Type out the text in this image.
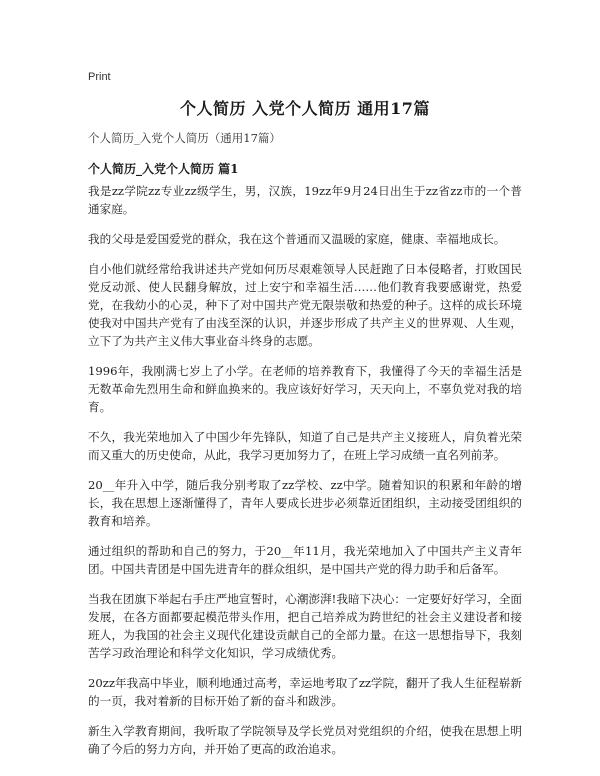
Print
个人简历 入党个人简历 通用17篇

个人简历_入党个人简历（通用17篇）

个人简历_入党个人简历 篇1

我是zz学院zz专业zz级学生，男，汉族，19zz年9月24日出生于zz省zz市的一个普通家庭。

我的父母是爱国爱党的群众，我在这个普通而又温暖的家庭，健康、幸福地成长。

自小他们就经常给我讲述共产党如何历尽艰难领导人民赶跑了日本侵略者，打败国民党反动派、使人民翻身解放，过上安宁和幸福生活……他们教育我要感谢党，热爱党，在我幼小的心灵，种下了对中国共产党无限崇敬和热爱的种子。这样的成长环境使我对中国共产党有了由浅至深的认识，并逐步形成了共产主义的世界观、人生观，立下了为共产主义伟大事业奋斗终身的志愿。

1996年，我刚满七岁上了小学。在老师的培养教育下，我懂得了今天的幸福生活是无数革命先烈用生命和鲜血换来的。我应该好好学习，天天向上，不辜负党对我的培育。

不久，我光荣地加入了中国少年先锋队，知道了自己是共产主义接班人，肩负着光荣而又重大的历史使命，从此，我学习更加努力了，在班上学习成绩一直名列前茅。

20__年升入中学，随后我分别考取了zz学校、zz中学。随着知识的积累和年龄的增长，我在思想上逐渐懂得了，青年人要成长进步必须靠近团组织，主动接受团组织的教育和培养。

通过组织的帮助和自己的努力，于20__年11月，我光荣地加入了中国共产主义青年团。中国共青团是中国先进青年的群众组织，是中国共产党的得力助手和后备军。

当我在团旗下举起右手庄严地宣誓时，心潮澎湃!我暗下决心：一定要好好学习，全面发展，在各方面都要起模范带头作用，把自己培养成为跨世纪的社会主义建设者和接班人，为我国的社会主义现代化建设贡献自己的全部力量。在这一思想指导下，我刻苦学习政治理论和科学文化知识，学习成绩优秀。

20zz年我高中毕业，顺利地通过高考，幸运地考取了zz学院，翻开了我人生征程崭新的一页，我对着新的目标开始了新的奋斗和跋涉。

新生入学教育期间，我听取了学院领导及学长党员对党组织的介绍，使我在思想上明确了今后的努力方向，并开始了更高的政治追求。
